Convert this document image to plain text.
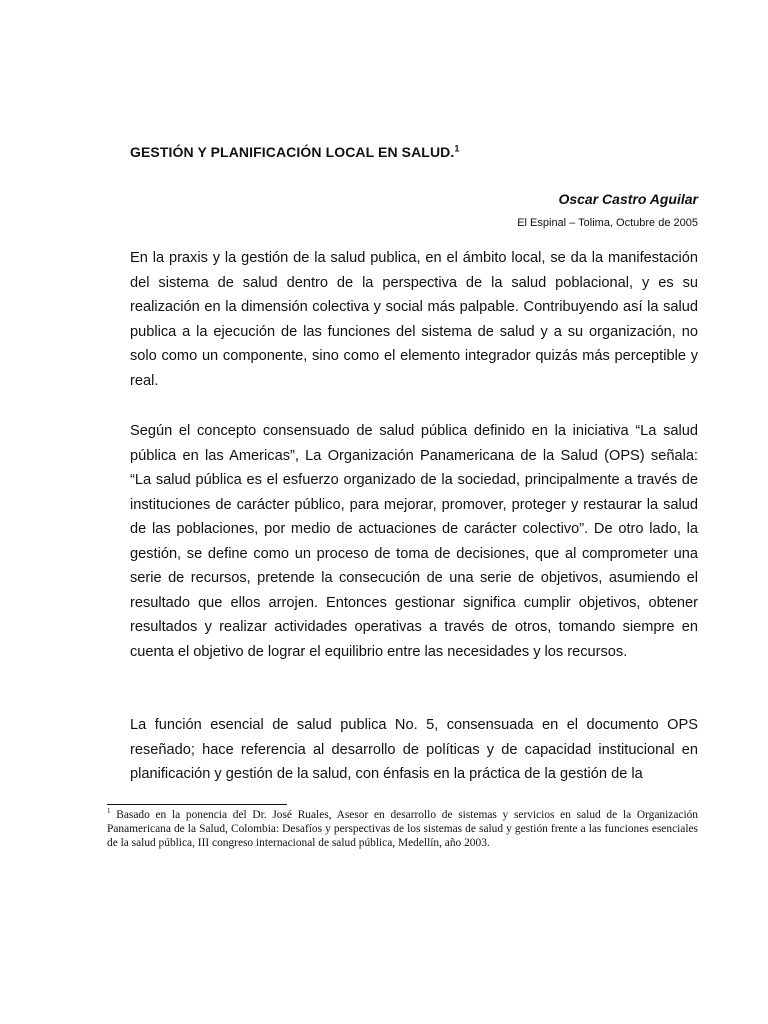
GESTIÓN Y PLANIFICACIÓN LOCAL EN SALUD.$^1$
Oscar Castro Aguilar
El Espinal – Tolima, Octubre de 2005

En la praxis y la gestión de la salud publica, en el ámbito local, se da la manifestación del sistema de salud dentro de la perspectiva de la salud poblacional, y es su realización en la dimensión colectiva y social más palpable. Contribuyendo así la salud publica a la ejecución de las funciones del sistema de salud y a su organización, no solo como un componente, sino como el elemento integrador quizás más perceptible y real.

Según el concepto consensuado de salud pública definido en la iniciativa “La salud pública en las Americas”, La Organización Panamericana de la Salud (OPS) señala: “La salud pública es el esfuerzo organizado de la sociedad, principalmente a través de instituciones de carácter público, para mejorar, promover, proteger y restaurar la salud de las poblaciones, por medio de actuaciones de carácter colectivo”. De otro lado, la gestión, se define como un proceso de toma de decisiones, que al comprometer una serie de recursos, pretende la consecución de una serie de objetivos, asumiendo el resultado que ellos arrojen. Entonces gestionar significa cumplir objetivos, obtener resultados y realizar actividades operativas a través de otros, tomando siempre en cuenta el objetivo de lograr el equilibrio entre las necesidades y los recursos.

La función esencial de salud publica No. 5, consensuada en el documento OPS reseñado; hace referencia al desarrollo de políticas y de capacidad institucional en planificación y gestión de la salud, con énfasis en la práctica de la gestión de la

$^1$ Basado en la ponencia del Dr. José Ruales, Asesor en desarrollo de sistemas y servicios en salud de la Organización Panamericana de la Salud, Colombia: Desafíos y perspectivas de los sistemas de salud y gestión frente a las funciones esenciales de la salud pública, III congreso internacional de salud pública, Medellín, año 2003.
